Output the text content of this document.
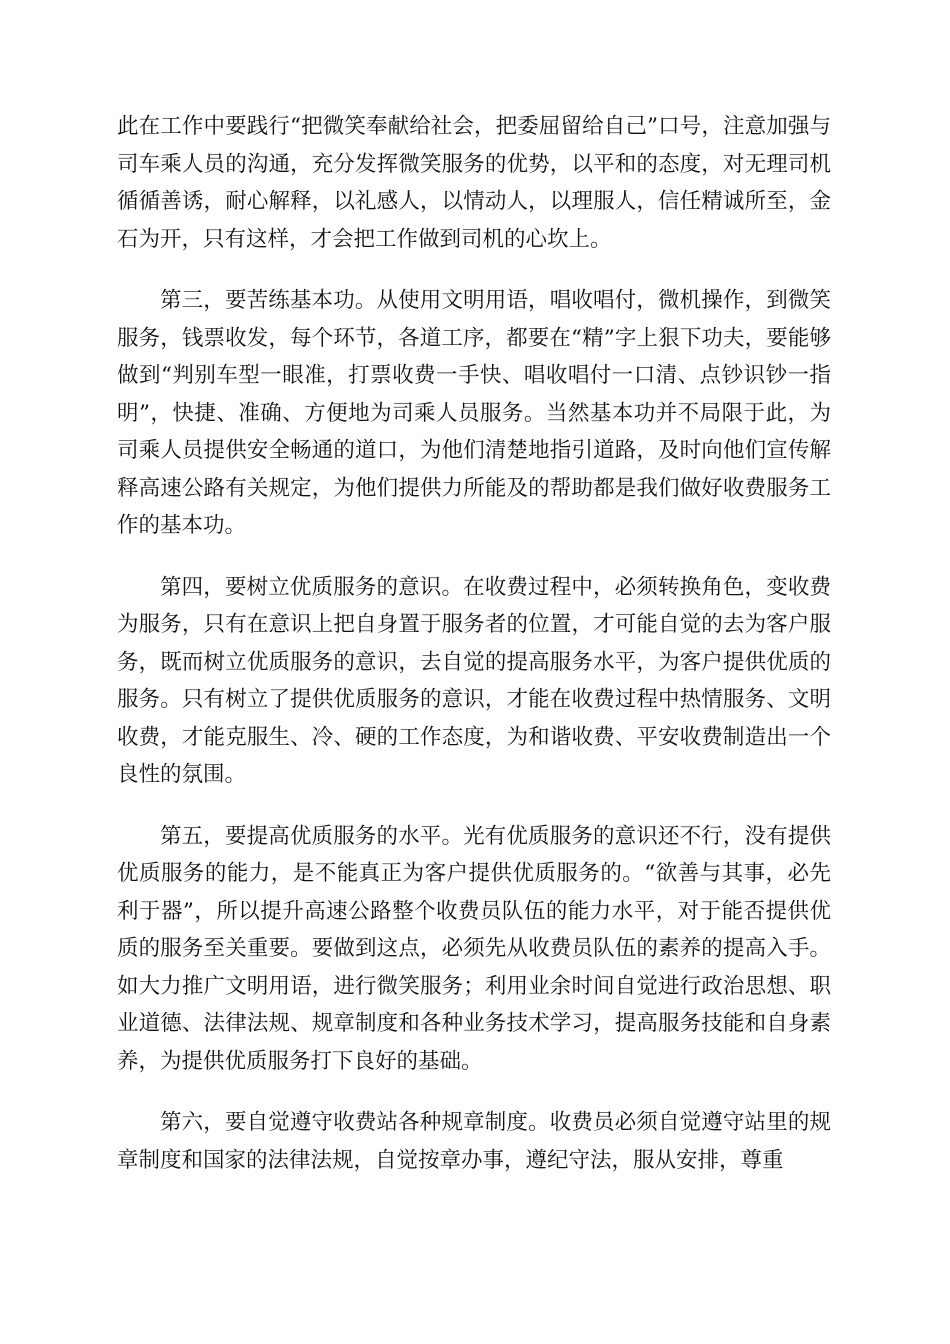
此在工作中要践行“把微笑奉献给社会，把委屈留给自己”口号，注意加强与司车乘人员的沟通，充分发挥微笑服务的优势，以平和的态度，对无理司机循循善诱，耐心解释，以礼感人，以情动人，以理服人，信任精诚所至，金石为开，只有这样，才会把工作做到司机的心坎上。

第三，要苦练基本功。从使用文明用语，唱收唱付，微机操作，到微笑服务，钱票收发，每个环节，各道工序，都要在“精”字上狠下功夫，要能够做到“判别车型一眼准，打票收费一手快、唱收唱付一口清、点钞识钞一指明”，快捷、准确、方便地为司乘人员服务。当然基本功并不局限于此，为司乘人员提供安全畅通的道口，为他们清楚地指引道路，及时向他们宣传解释高速公路有关规定，为他们提供力所能及的帮助都是我们做好收费服务工作的基本功。

第四，要树立优质服务的意识。在收费过程中，必须转换角色，变收费为服务，只有在意识上把自身置于服务者的位置，才可能自觉的去为客户服务，既而树立优质服务的意识，去自觉的提高服务水平，为客户提供优质的服务。只有树立了提供优质服务的意识，才能在收费过程中热情服务、文明收费，才能克服生、冷、硬的工作态度，为和谐收费、平安收费制造出一个良性的氛围。

第五，要提高优质服务的水平。光有优质服务的意识还不行，没有提供优质服务的能力，是不能真正为客户提供优质服务的。“欲善与其事，必先利于器”，所以提升高速公路整个收费员队伍的能力水平，对于能否提供优质的服务至关重要。要做到这点，必须先从收费员队伍的素养的提高入手。如大力推广文明用语，进行微笑服务；利用业余时间自觉进行政治思想、职业道德、法律法规、规章制度和各种业务技术学习，提高服务技能和自身素养，为提供优质服务打下良好的基础。

第六，要自觉遵守收费站各种规章制度。收费员必须自觉遵守站里的规章制度和国家的法律法规，自觉按章办事，遵纪守法，服从安排，尊重
